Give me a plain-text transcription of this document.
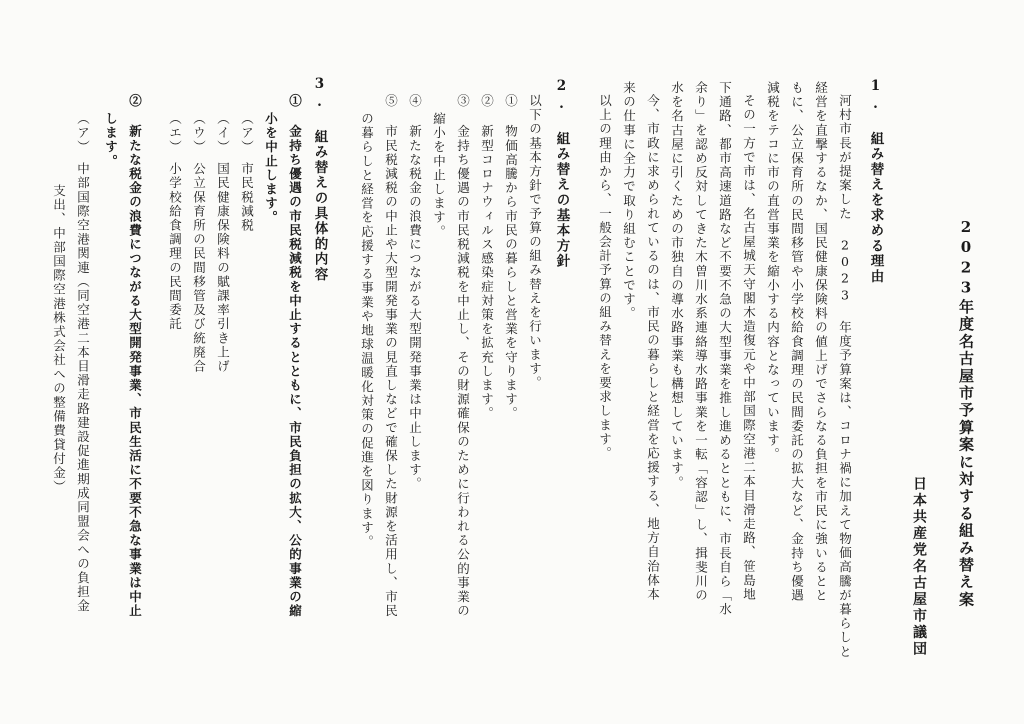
2023年度名古屋市予算案に対する組み替え案
日本共産党名古屋市議団
1. 組み替えを求める理由
河村市長が提案した 2023 年度予算案は、コロナ禍に加えて物価高騰が暮らしと
経営を直撃するなか、国民健康保険料の値上げでさらなる負担を市民に強いるとと
もに、公立保育所の民間移管や小学校給食調理の民間委託の拡大など、金持ち優遇
減税をテコに市の直営事業を縮小する内容となっています。
その一方で市は、名古屋城天守閣木造復元や中部国際空港二本目滑走路、笹島地
下通路、都市高速道路など不要不急の大型事業を推し進めるとともに、市長自ら「水
余り」を認め反対してきた木曽川水系連絡導水路事業を一転「容認」し、揖斐川の
水を名古屋に引くための市独自の導水路事業も構想しています。
今、市政に求められているのは、市民の暮らしと経営を応援する、地方自治体本
来の仕事に全力で取り組むことです。
以上の理由から、一般会計予算の組み替えを要求します。
2. 組み替えの基本方針
以下の基本方針で予算の組み替えを行います。
① 物価高騰から市民の暮らしと営業を守ります。
② 新型コロナウィルス感染症対策を拡充します。
③ 金持ち優遇の市民税減税を中止し、その財源確保のために行われる公的事業の
縮小を中止します。
④ 新たな税金の浪費につながる大型開発事業は中止します。
⑤ 市民税減税の中止や大型開発事業の見直しなどで確保した財源を活用し、市民
の暮らしと経営を応援する事業や地球温暖化対策の促進を図ります。
3. 組み替えの具体的内容
① 金持ち優遇の市民税減税を中止するとともに、市民負担の拡大、公的事業の縮
小を中止します。
（ア）　市民税減税
（イ）　国民健康保険料の賦課率引き上げ
（ウ）　公立保育所の民間移管及び統廃合
（エ）　小学校給食調理の民間委託
② 新たな税金の浪費につながる大型開発事業、市民生活に不要不急な事業は中止
します。
（ア）　中部国際空港関連（同空港二本目滑走路建設促進期成同盟会への負担金
支出、中部国際空港株式会社への整備費貸付金）
